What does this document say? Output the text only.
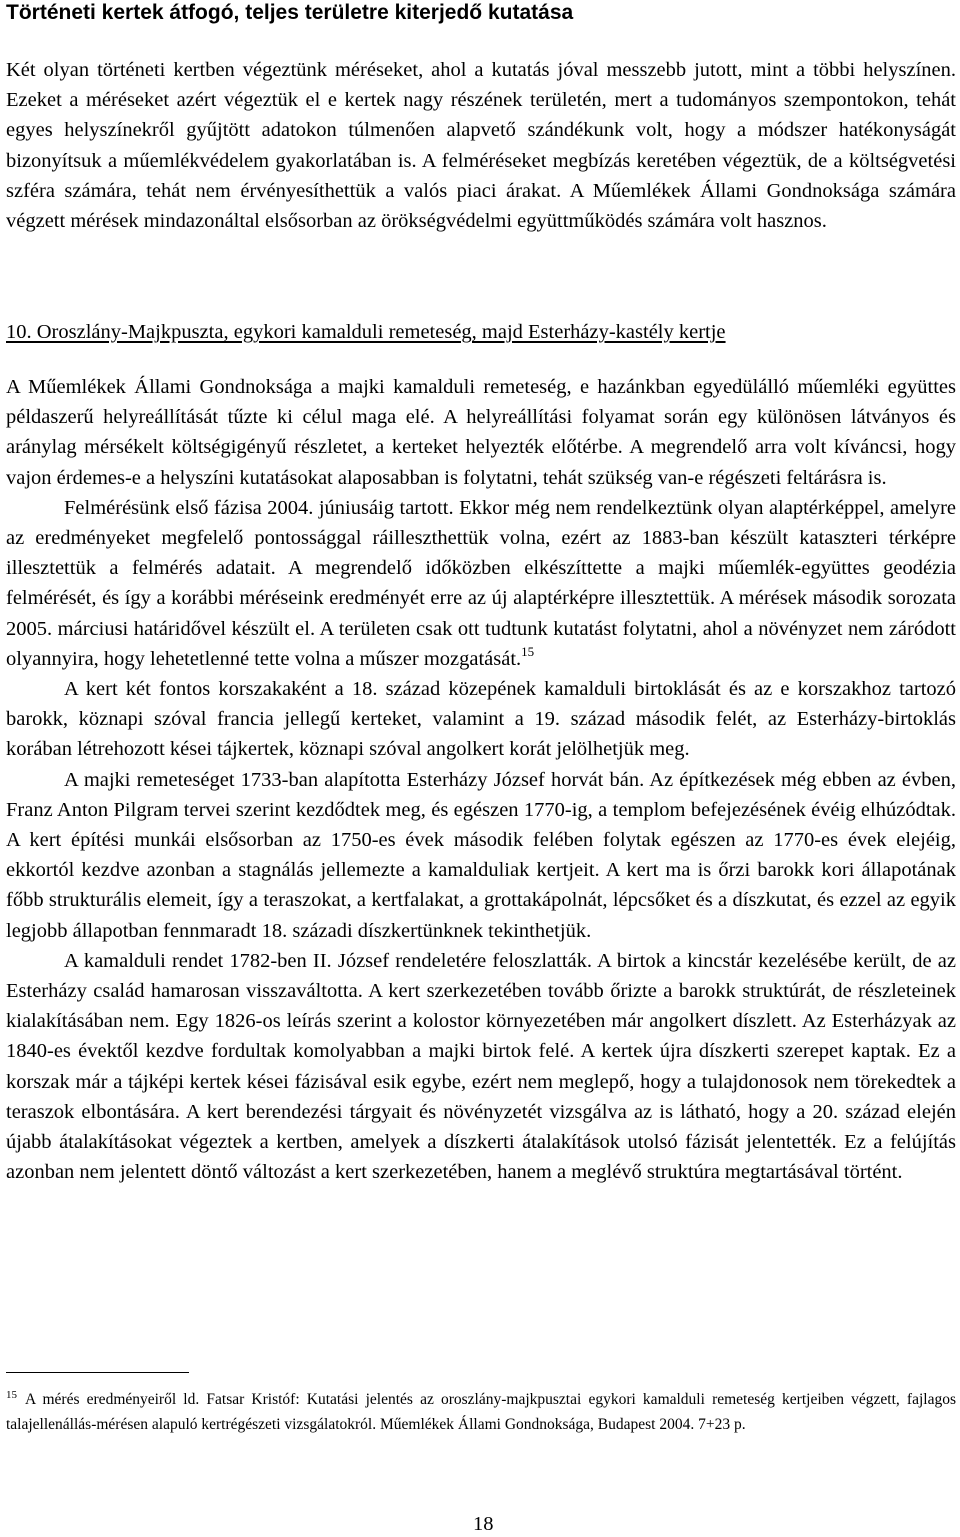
Történeti kertek átfogó, teljes területre kiterjedő kutatása

Két olyan történeti kertben végeztünk méréseket, ahol a kutatás jóval messzebb jutott, mint a többi helyszínen. Ezeket a méréseket azért végeztük el e kertek nagy részének területén, mert a tudományos szempontokon, tehát egyes helyszínekről gyűjtött adatokon túlmenően alapvető szándékunk volt, hogy a módszer hatékonyságát bizonyítsuk a műemlékvédelem gyakorlatában is. A felméréseket megbízás keretében végeztük, de a költségvetési szféra számára, tehát nem érvényesíthettük a valós piaci árakat. A Műemlékek Állami Gondnoksága számára végzett mérések mindazonáltal elsősorban az örökségvédelmi együttműködés számára volt hasznos.

10. Oroszlány-Majkpuszta, egykori kamalduli remeteség, majd Esterházy-kastély kertje

A Műemlékek Állami Gondnoksága a majki kamalduli remeteség, e hazánkban egyedülálló műemléki együttes példaszerű helyreállítását tűzte ki célul maga elé. A helyreállítási folyamat során egy különösen látványos és aránylag mérsékelt költségigényű részletet, a kerteket helyezték előtérbe. A megrendelő arra volt kíváncsi, hogy vajon érdemes-e a helyszíni kutatásokat alaposabban is folytatni, tehát szükség van-e régészeti feltárásra is.

Felmérésünk első fázisa 2004. júniusáig tartott. Ekkor még nem rendelkeztünk olyan alaptérképpel, amelyre az eredményeket megfelelő pontossággal ráilleszthettük volna, ezért az 1883-ban készült kataszteri térképre illesztettük a felmérés adatait. A megrendelő időközben elkészíttette a majki műemlék-együttes geodézia felmérését, és így a korábbi méréseink eredményét erre az új alaptérképre illesztettük. A mérések második sorozata 2005. márciusi határidővel készült el. A területen csak ott tudtunk kutatást folytatni, ahol a növényzet nem záródott olyannyira, hogy lehetetlenné tette volna a műszer mozgatását.$^{15}$

A kert két fontos korszakaként a 18. század közepének kamalduli birtoklását és az e korszakhoz tartozó barokk, köznapi szóval francia jellegű kerteket, valamint a 19. század második felét, az Esterházy-birtoklás korában létrehozott kései tájkertek, köznapi szóval angolkert korát jelölhetjük meg.

A majki remeteséget 1733-ban alapította Esterházy József horvát bán. Az építkezések még ebben az évben, Franz Anton Pilgram tervei szerint kezdődtek meg, és egészen 1770-ig, a templom befejezésének évéig elhúzódtak. A kert építési munkái elsősorban az 1750-es évek második felében folytak egészen az 1770-es évek elejéig, ekkortól kezdve azonban a stagnálás jellemezte a kamalduliak kertjeit. A kert ma is őrzi barokk kori állapotának főbb strukturális elemeit, így a teraszokat, a kertfalakat, a grottakápolnát, lépcsőket és a díszkutat, és ezzel az egyik legjobb állapotban fennmaradt 18. századi díszkertünknek tekinthetjük.

A kamalduli rendet 1782-ben II. József rendeletére feloszlatták. A birtok a kincstár kezelésébe került, de az Esterházy család hamarosan visszaváltotta. A kert szerkezetében tovább őrizte a barokk struktúrát, de részleteinek kialakításában nem. Egy 1826-os leírás szerint a kolostor környezetében már angolkert díszlett. Az Esterházyak az 1840-es évektől kezdve fordultak komolyabban a majki birtok felé. A kertek újra díszkerti szerepet kaptak. Ez a korszak már a tájképi kertek kései fázisával esik egybe, ezért nem meglepő, hogy a tulajdonosok nem törekedtek a teraszok elbontására. A kert berendezési tárgyait és növényzetét vizsgálva az is látható, hogy a 20. század elején újabb átalakításokat végeztek a kertben, amelyek a díszkerti átalakítások utolsó fázisát jelentették. Ez a felújítás azonban nem jelentett döntő változást a kert szerkezetében, hanem a meglévő struktúra megtartásával történt.

$^{15}$ A mérés eredményeiről ld. Fatsar Kristóf: Kutatási jelentés az oroszlány-majkpusztai egykori kamalduli remeteség kertjeiben végzett, fajlagos talajellenállás-mérésen alapuló kertrégészeti vizsgálatokról. Műemlékek Állami Gondnoksága, Budapest 2004. 7+23 p.

18
